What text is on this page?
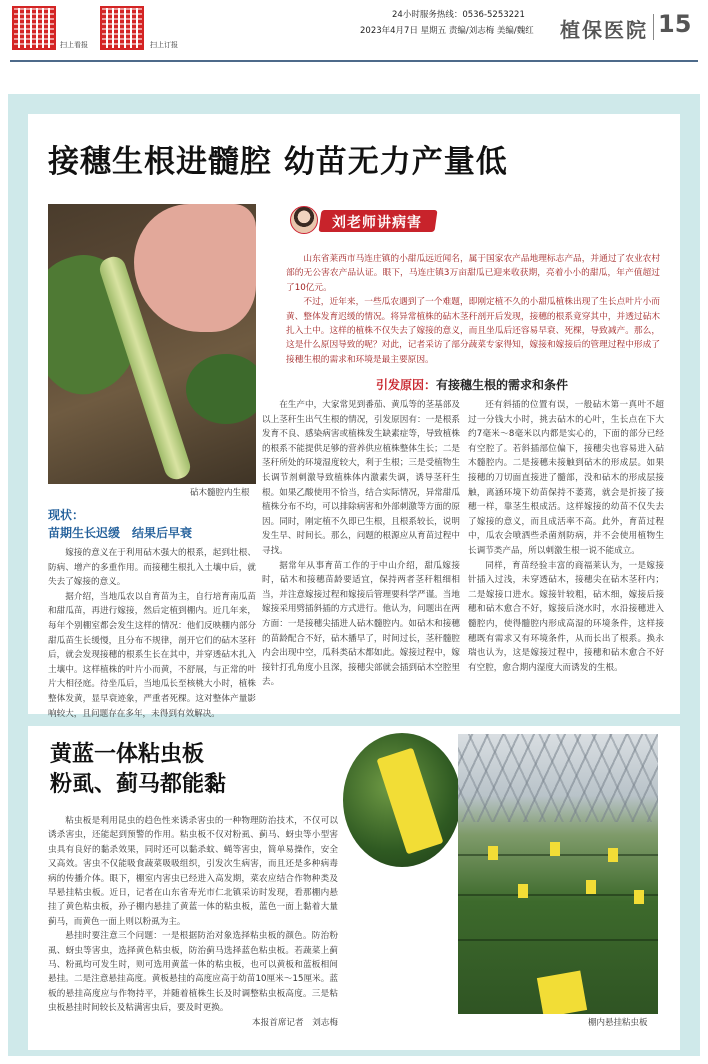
扫上看报	扫上订报
24小时服务热线：0536-5253221
2023年4月7日 星期五 责编/刘志梅 美编/魏红 植保医院 15
接穗生根进髓腔 幼苗无力产量低
砧木髓腔内生根
现状：
苗期生长迟缓　结果后早衰

嫁接的意义在于利用砧木强大的根系，起到壮根、防病、增产的多重作用。而接穗生根扎入土壤中后，就失去了嫁接的意义。

据介绍，当地瓜农以自育苗为主，自行培育南瓜苗和甜瓜苗，再进行嫁接，然后定植到棚内。近几年来，每年个别棚室都会发生这样的情况：他们反映棚内部分甜瓜苗生长缓慢，且分布不规律，剖开它们的砧木茎秆后，就会发现接穗的根系生长在其中，并穿透砧木扎入土壤中。这样植株的叶片小而黄，不舒展，与正常的叶片大相径庭。待坐瓜后，当地瓜长至核桃大小时，植株整体发黄，显早衰迹象，严重者死棵。这对整体产量影响较大，且问题存在多年，未得到有效解决。

刘老师讲病害

山东省莱西市马连庄镇的小甜瓜远近闻名，属于国家农产品地理标志产品，并通过了农业农村部的无公害农产品认证。眼下，马连庄镇3万亩甜瓜已迎来收获期，亮着小小的甜瓜，年产值超过了10亿元。

不过，近年来，一些瓜农遇到了一个难题，即刚定植不久的小甜瓜植株出现了生长点叶片小而黄、整体发育迟缓的情况。将异常植株的砧木茎秆剖开后发现，接穗的根系竟穿其中，并透过砧木扎入土中。这样的植株不仅失去了嫁接的意义，而且坐瓜后还容易早衰、死棵，导致减产。那么，这是什么原因导致的呢？对此，记者采访了部分蔬菜专家得知，嫁接和嫁接后的管理过程中形成了接穗生根的需求和环境是最主要原因。

引发原因：有接穗生根的需求和条件

在生产中，大家常见到番茄、黄瓜等的茎基部及以上茎秆生出气生根的情况，引发原因有：一是根系发育不良、感染病害或植株发生缺素症等，导致植株的根系不能提供足够的营养供应植株整体生长；二是茎秆所处的环境湿度较大，利于生根；三是受植物生长调节剂刺激导致植株体内激素失调，诱导茎秆生根。如果乙酸使用不恰当，结合实际情况，异常甜瓜植株分布不均，可以排除病害和外部刺激等方面的原因。同时，刚定植不久即已生根，且根系较长，说明发生早、时间长。那么，问题的根源应从育苗过程中寻找。

据常年从事育苗工作的于中山介绍，甜瓜嫁接时，砧木和接穗苗龄要适宜，保持两者茎秆粗细相当，并注意嫁接过程和嫁接后管理要科学严谨。当地嫁接采用劈插斜插的方式进行。他认为，问题出在两方面：一是接穗尖插进人砧木髓腔内。如砧木和接穗的苗龄配合不好，砧木播早了，时间过长，茎秆髓腔内会出现中空，瓜科类砧木都如此。嫁接过程中，嫁接针打孔角度小且深，接穗尖部就会插到砧木空腔里去。

还有斜插的位置有误，一般砧木第一真叶不超过一分钱大小时，挑去砧木的心叶，生长点在下大约7毫米～8毫米以内都是实心的，下面的部分已经有空腔了。若斜插部位偏下，接穗尖也容易进入砧木髓腔内。二是接穗未接触到砧木的形成层。如果接穗的刀切面直接进了髓部，没和砧木的形成层接触，离涵环境下幼苗保持不萎蔫，就会是折接了接穗一样，靠茎生根成活。这样嫁接的幼苗不仅失去了嫁接的意义，而且成活率不高。此外，育苗过程中，瓜农会喷洒些杀菌剂防病，并不会使用植物生长调节类产品，所以刺激生根一说不能成立。

同样，育苗经验丰富的商福莱认为，一是嫁接针插入过浅，未穿透砧木，接穗尖在砧木茎秆内；二是嫁接口进水。嫁接针较粗，砧木细，嫁接后接穗和砧木愈合不好，嫁接后浇水时，水沿接穗进入髓腔内，使得髓腔内形成高湿的环境条件，这样接穗既有需求又有环境条件，从而长出了根系。换永瑞也认为，这是嫁接过程中，接穗和砧木愈合不好有空腔，愈合期内湿度大而诱发的生根。

黄蓝一体粘虫板
粉虱、蓟马都能黏
棚内悬挂粘虫板

粘虫板是利用昆虫的趋色性来诱杀害虫的一种物理防治技术，不仅可以诱杀害虫，还能起到预警的作用。粘虫板不仅对粉虱、蓟马、蚜虫等小型害虫具有良好的黏杀效果，同时还可以黏杀蚊、蝇等害虫，简单易操作，安全又高效。害虫不仅能吸食蔬菜吸吸组织，引发次生病害，而且还是多种病毒病的传播介体。眼下，棚室内害虫已经进入高发期，菜农应结合作物种类及早悬挂粘虫板。近日，记者在山东省寿光市仁北镇采访时发现，看那棚内悬挂了黄色粘虫板，孙子棚内悬挂了黄蓝一体的粘虫板，蓝色一面上黏着大量蓟马，而黄色一面上则以粉虱为主。

悬挂时要注意三个问题：一是根据防治对象选择粘虫板的颜色。防治粉虱、蚜虫等害虫，选择黄色粘虫板，防治蓟马选择蓝色粘虫板。若蔬菜上蓟马、粉虱均可发生时，则可选用黄蓝一体的粘虫板，也可以黄板和蓝板相间悬挂。二是注意悬挂高度。黄板悬挂的高度应高于幼苗10厘米～15厘米。蓝板的悬挂高度应与作物持平，并随着植株生长及时调整粘虫板高度。三是粘虫板悬挂时间较长及粘满害虫后，要及时更换。

本报首席记者　刘志梅
